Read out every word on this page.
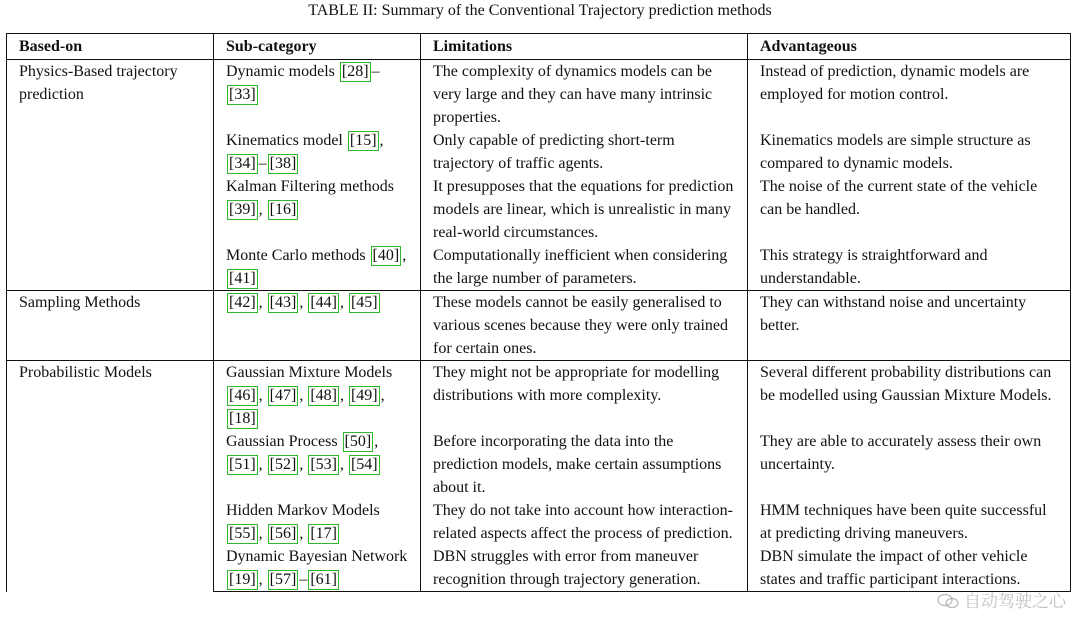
TABLE II: Summary of the Conventional Trajectory prediction methods
Based-on	Sub-category	Limitations	Advantageous
Physics-Based trajectory prediction	Dynamic models [28] – [33]	The complexity of dynamics models can be very large and they can have many intrinsic properties.	Instead of prediction, dynamic models are employed for motion control.
	Kinematics model [15] , [34] – [38]	Only capable of predicting short-term trajectory of traffic agents.	Kinematics models are simple structure as compared to dynamic models.
	Kalman Filtering methods [39] , [16]	It presupposes that the equations for prediction models are linear, which is unrealistic in many real-world circumstances.	The noise of the current state of the vehicle can be handled.
	Monte Carlo methods [40] , [41]	Computationally inefficient when considering the large number of parameters.	This strategy is straightforward and understandable.
Sampling Methods	[42] , [43] , [44] , [45]	These models cannot be easily generalised to various scenes because they were only trained for certain ones.	They can withstand noise and uncertainty better.
Probabilistic Models	Gaussian Mixture Models [46] , [47] , [48] , [49] , [18]	They might not be appropriate for modelling distributions with more complexity.	Several different probability distributions can be modelled using Gaussian Mixture Models.
	Gaussian Process [50] , [51] , [52] , [53] , [54]	Before incorporating the data into the prediction models, make certain assumptions about it.	They are able to accurately assess their own uncertainty.
	Hidden Markov Models [55] , [56] , [17]	They do not take into account how interaction-related aspects affect the process of prediction.	HMM techniques have been quite successful at predicting driving maneuvers.
	Dynamic Bayesian Network [19] , [57] – [61]	DBN struggles with error from maneuver recognition through trajectory generation.	DBN simulate the impact of other vehicle states and traffic participant interactions.
自动驾驶之心
